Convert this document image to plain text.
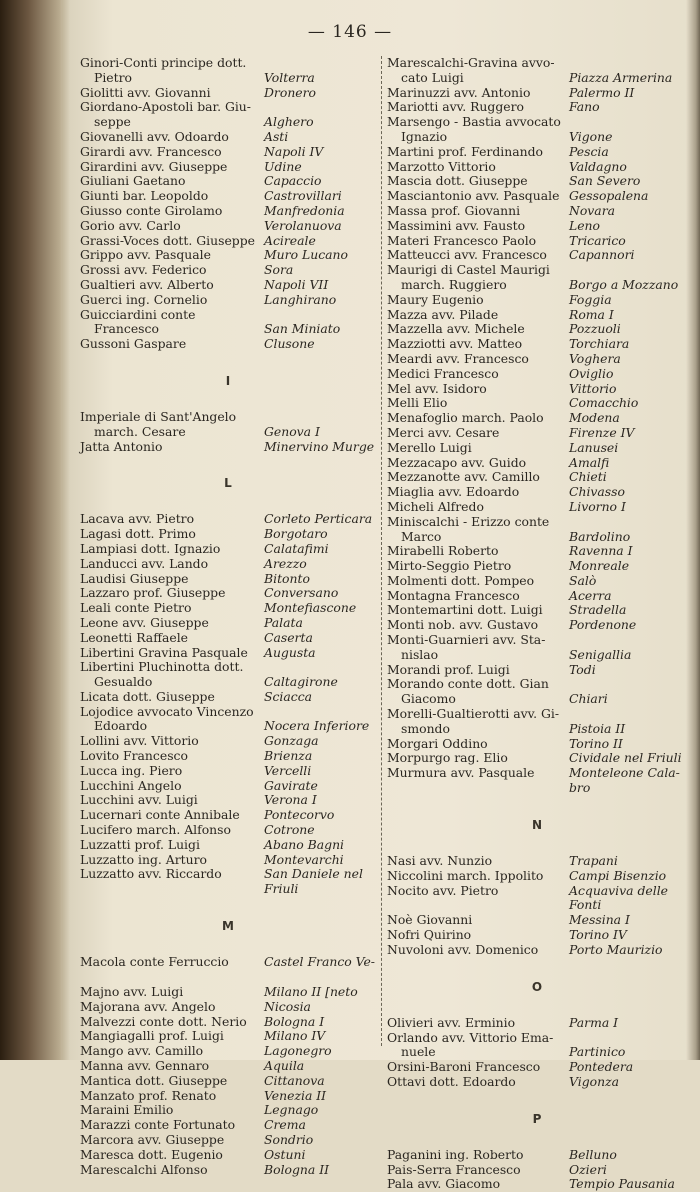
— 146 —
Ginori-Conti principe dott.
Pietro	Volterra
Giolitti avv. Giovanni	Dronero
Giordano-Apostoli bar. Giu-
seppe	Alghero
Giovanelli avv. Odoardo	Asti
Girardi avv. Francesco	Napoli IV
Girardini avv. Giuseppe	Udine
Giuliani Gaetano	Capaccio
Giunti bar. Leopoldo	Castrovillari
Giusso conte Girolamo	Manfredonia
Gorio avv. Carlo	Verolanuova
Grassi-Voces dott. Giuseppe Acireale
Grippo avv. Pasquale	Muro Lucano
Grossi avv. Federico	Sora
Gualtieri avv. Alberto	Napoli VII
Guerci ing. Cornelio	Langhirano
Guicciardini conte Francesco	San Miniato
Gussoni Gaspare	Clusone
I
Imperiale di Sant'Angelo
march. Cesare	Genova I
Jatta Antonio	Minervino Murge
L
Lacava avv. Pietro	Corleto Perticara
Lagasi dott. Primo	Borgotaro
Lampiasi dott. Ignazio	Calatafimi
Landucci avv. Lando	Arezzo
Laudisi Giuseppe	Bitonto
Lazzaro prof. Giuseppe	Conversano
Leali conte Pietro	Montefiascone
Leone avv. Giuseppe	Palata
Leonetti Raffaele	Caserta
Libertini Gravina Pasquale	Augusta
Libertini Pluchinotta dott.
Gesualdo	Caltagirone
Licata dott. Giuseppe	Sciacca
Lojodice avvocato Vincenzo
Edoardo	Nocera Inferiore
Lollini avv. Vittorio	Gonzaga
Lovito Francesco	Brienza
Lucca ing. Piero	Vercelli
Lucchini Angelo	Gavirate
Lucchini avv. Luigi	Verona I
Lucernari conte Annibale	Pontecorvo
Lucifero march. Alfonso	Cotrone
Luzzatti prof. Luigi	Abano Bagni
Luzzatto ing. Arturo	Montevarchi
Luzzatto avv. Riccardo	San Daniele nel
Friuli
M
Macola conte Ferruccio	Castel Franco Ve-
Majno avv. Luigi	Milano II [neto
Majorana avv. Angelo	Nicosia
Malvezzi conte dott. Nerio	Bologna I
Mangiagalli prof. Luigi	Milano IV
Mango avv. Camillo	Lagonegro
Manna avv. Gennaro	Aquila
Mantica dott. Giuseppe	Cittanova
Manzato prof. Renato	Venezia II
Maraini Emilio	Legnago
Marazzi conte Fortunato	Crema
Marcora avv. Giuseppe	Sondrio
Maresca dott. Eugenio	Ostuni
Marescalchi Alfonso	Bologna II
Marescalchi-Gravina avvo-
cato Luigi	Piazza Armerina
Marinuzzi avv. Antonio	Palermo II
Mariotti avv. Ruggero	Fano
Marsengo - Bastia avvocato
Ignazio	Vigone
Martini prof. Ferdinando	Pescia
Marzotto Vittorio	Valdagno
Mascia dott. Giuseppe	San Severo
Masciantonio avv. Pasquale Gessopalena
Massa prof. Giovanni	Novara
Massimini avv. Fausto	Leno
Materi Francesco Paolo	Tricarico
Matteucci avv. Francesco	Capannori
Maurigi di Castel Maurigi
march. Ruggiero	Borgo a Mozzano
Maury Eugenio	Foggia
Mazza avv. Pilade	Roma I
Mazzella avv. Michele	Pozzuoli
Mazziotti avv. Matteo	Torchiara
Meardi avv. Francesco	Voghera
Medici Francesco	Oviglio
Mel avv. Isidoro	Vittorio
Melli Elio	Comacchio
Menafoglio march. Paolo	Modena
Merci avv. Cesare	Firenze IV
Merello Luigi	Lanusei
Mezzacapo avv. Guido	Amalfi
Mezzanotte avv. Camillo	Chieti
Miaglia avv. Edoardo	Chivasso
Micheli Alfredo	Livorno I
Miniscalchi - Erizzo conte
Marco	Bardolino
Mirabelli Roberto	Ravenna I
Mirto-Seggio Pietro	Monreale
Molmenti dott. Pompeo	Salò
Montagna Francesco	Acerra
Montemartini dott. Luigi	Stradella
Monti nob. avv. Gustavo	Pordenone
Monti-Guarnieri avv. Sta-
nislao	Senigallia
Morandi prof. Luigi	Todi
Morando conte dott. Gian
Giacomo	Chiari
Morelli-Gualtierotti avv. Gi-
smondo	Pistoia II
Morgari Oddino	Torino II
Morpurgo rag. Elio	Cividale nel Friuli
Murmura avv. Pasquale	Monteleone Cala-
bro
N
Nasi avv. Nunzio	Trapani
Niccolini march. Ippolito	Campi Bisenzio
Nocito avv. Pietro	Acquaviva delle
Fonti
Noè Giovanni	Messina I
Nofri Quirino	Torino IV
Nuvoloni avv. Domenico	Porto Maurizio
O
Olivieri avv. Erminio	Parma I
Orlando avv. Vittorio Ema-
nuele	Partinico
Orsini-Baroni Francesco	Pontedera
Ottavi dott. Edoardo	Vigonza
P
Paganini ing. Roberto	Belluno
Pais-Serra Francesco	Ozieri
Pala avv. Giacomo	Tempio Pausania
